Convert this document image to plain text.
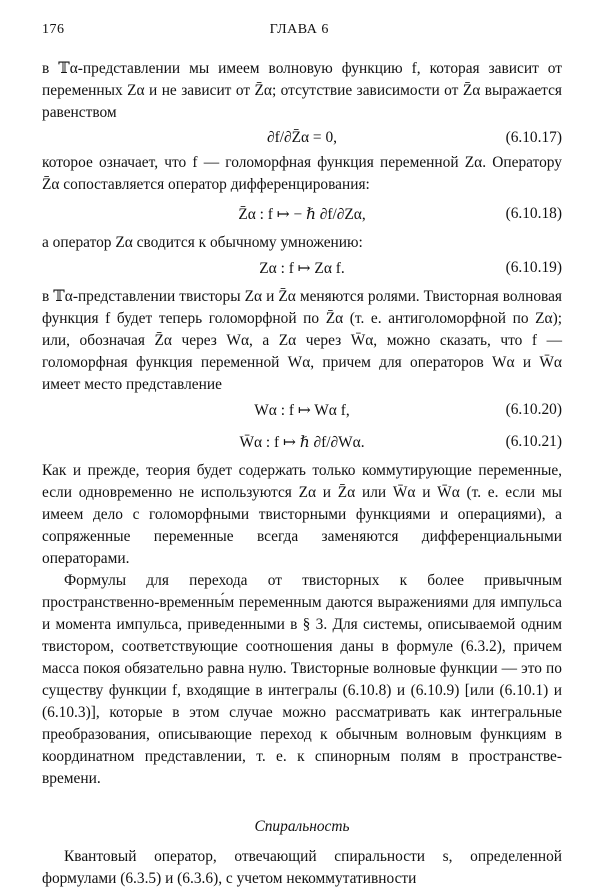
176	ГЛАВА 6

в 𝕋α-представлении мы имеем волновую функцию f, которая зависит от переменных Zα и не зависит от Z̄α; отсутствие зависимости от Z̄α выражается равенством

∂f/∂Z̄α = 0,	(6.10.17)

которое означает, что f — голоморфная функция переменной Zα. Оператору Z̄α сопоставляется оператор дифференцирования:

Z̄α : f ↦ − ℏ ∂f/∂Zα,	(6.10.18)

а оператор Zα сводится к обычному умножению:

Zα : f ↦ Zα f.	(6.10.19)

в 𝕋α-представлении твисторы Zα и Z̄α меняются ролями. Твисторная волновая функция f будет теперь голоморфной по Z̄α (т. е. антиголоморфной по Zα); или, обозначая Z̄α через Wα, а Zα через W̄α, можно сказать, что f — голоморфная функция переменной Wα, причем для операторов Wα и W̄α имеет место представление

Wα : f ↦ Wα f,	(6.10.20)
W̄α : f ↦ ℏ ∂f/∂Wα.	(6.10.21)

Как и прежде, теория будет содержать только коммутирующие переменные, если одновременно не используются Zα и Z̄α или W̄α и W̄α (т. е. если мы имеем дело с голоморфными твисторными функциями и операциями), а сопряженные переменные всегда заменяются дифференциальными операторами.

Формулы для перехода от твисторных к более привычным пространственно-временны́м переменным даются выражениями для импульса и момента импульса, приведенными в § 3. Для системы, описываемой одним твистором, соответствующие соотношения даны в формуле (6.3.2), причем масса покоя обязательно равна нулю. Твисторные волновые функции — это по существу функции f, входящие в интегралы (6.10.8) и (6.10.9) [или (6.10.1) и (6.10.3)], которые в этом случае можно рассматривать как интегральные преобразования, описывающие переход к обычным волновым функциям в координатном представлении, т. е. к спинорным полям в пространстве-времени.

Спиральность

Квантовый оператор, отвечающий спиральности s, определенной формулами (6.3.5) и (6.3.6), с учетом некоммутативности
